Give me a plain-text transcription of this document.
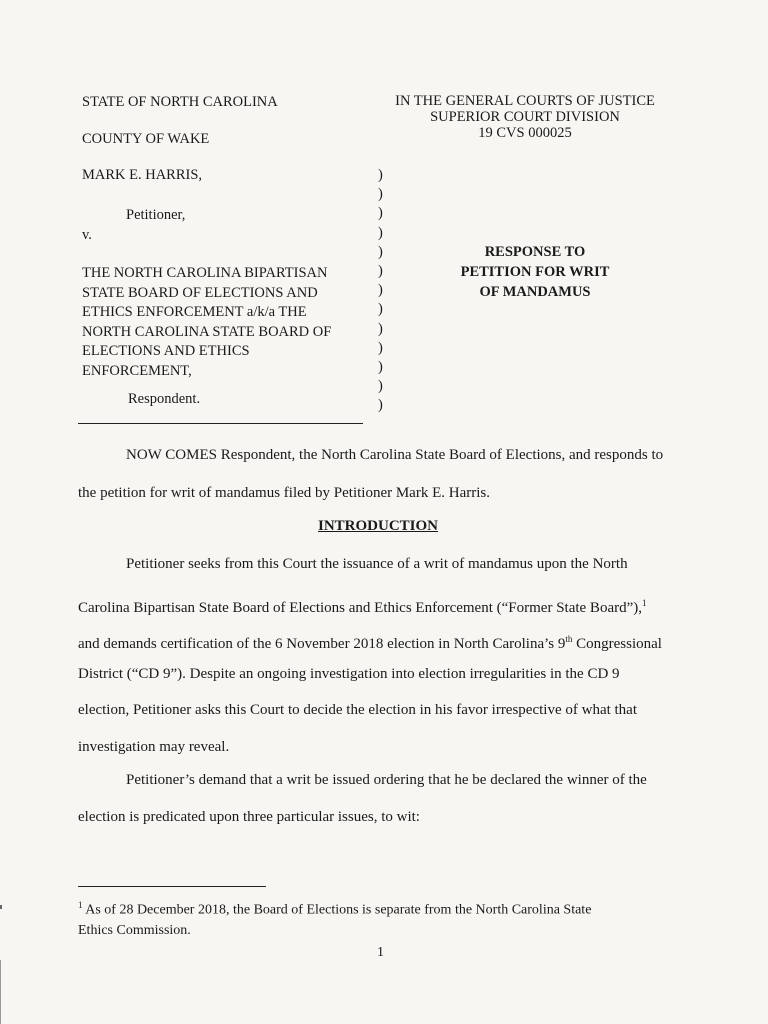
STATE OF NORTH CAROLINA
COUNTY OF WAKE
IN THE GENERAL COURTS OF JUSTICE
SUPERIOR COURT DIVISION
19 CVS 000025
MARK E. HARRIS,
Petitioner,
v.
THE NORTH CAROLINA BIPARTISAN
STATE BOARD OF ELECTIONS AND
ETHICS ENFORCEMENT a/k/a THE
NORTH CAROLINA STATE BOARD OF
ELECTIONS AND ETHICS
ENFORCEMENT,
Respondent.
)
)
)
)
)
)
)
)
)
)
)
)
)
RESPONSE TO
PETITION FOR WRIT
OF MANDAMUS
NOW COMES Respondent, the North Carolina State Board of Elections, and responds to
the petition for writ of mandamus filed by Petitioner Mark E. Harris.
INTRODUCTION
Petitioner seeks from this Court the issuance of a writ of mandamus upon the North
Carolina Bipartisan State Board of Elections and Ethics Enforcement (“Former State Board”),$^1$
and demands certification of the 6 November 2018 election in North Carolina’s 9th Congressional
District (“CD 9”). Despite an ongoing investigation into election irregularities in the CD 9
election, Petitioner asks this Court to decide the election in his favor irrespective of what that
investigation may reveal.
Petitioner’s demand that a writ be issued ordering that he be declared the winner of the
election is predicated upon three particular issues, to wit:
$^1$ As of 28 December 2018, the Board of Elections is separate from the North Carolina State
Ethics Commission.
1
